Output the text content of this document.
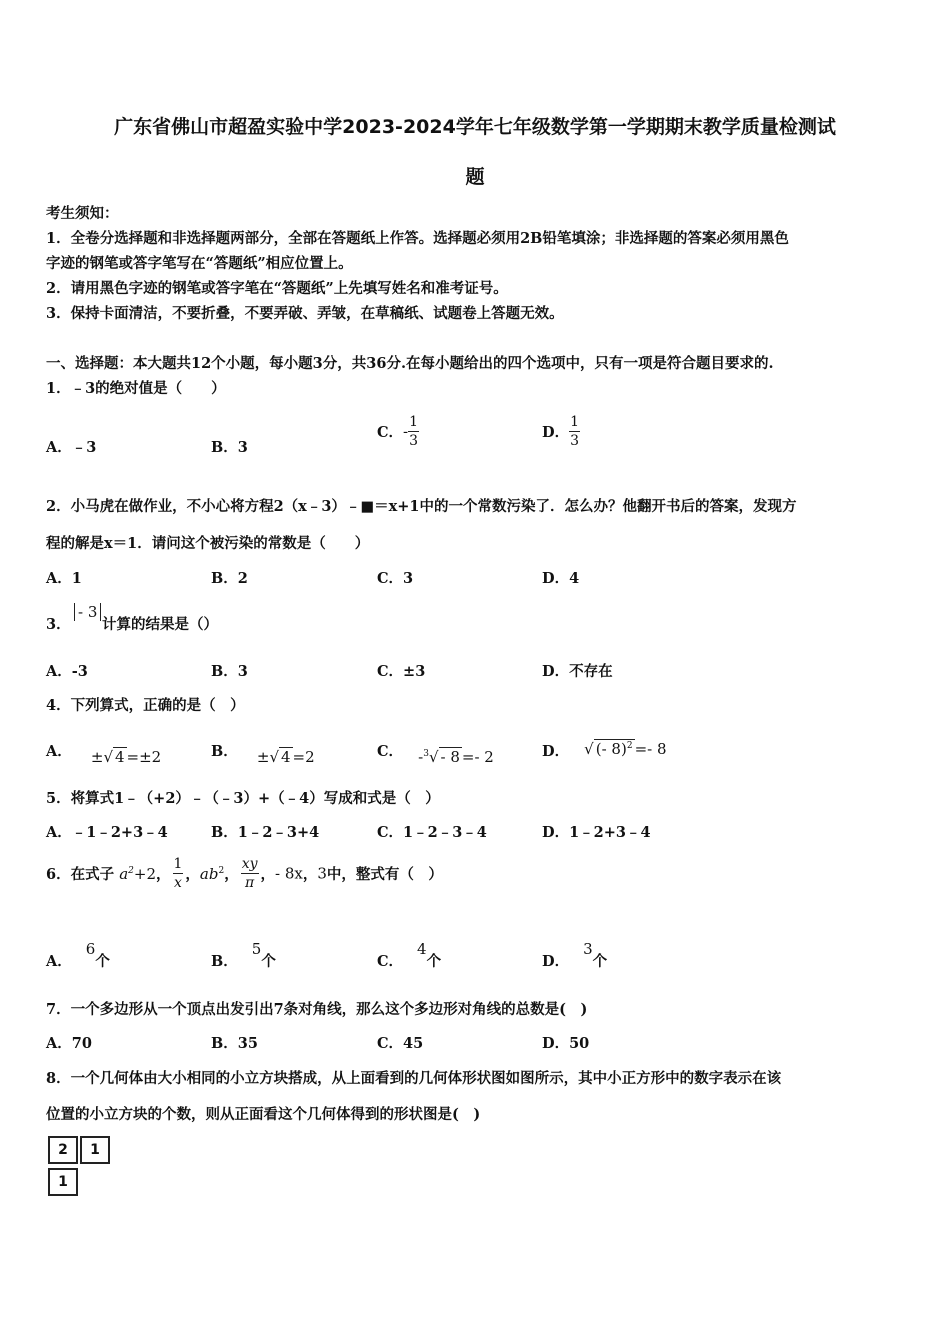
广东省佛山市超盈实验中学2023-2024学年七年级数学第一学期期末教学质量检测试
题
考生须知：
1．全卷分选择题和非选择题两部分，全部在答题纸上作答。选择题必须用2B铅笔填涂；非选择题的答案必须用黑色
字迹的钢笔或答字笔写在“答题纸”相应位置上。
2．请用黑色字迹的钢笔或答字笔在“答题纸”上先填写姓名和准考证号。
3．保持卡面清洁，不要折叠，不要弄破、弄皱，在草稿纸、试题卷上答题无效。
一、选择题：本大题共12个小题，每小题3分，共36分.在每小题给出的四个选项中，只有一项是符合题目要求的.
1．﹣3的绝对值是（　　）
A．﹣3	B．3
C．- $\frac{1}{3}$	D． $\frac{1}{3}$
2．小马虎在做作业，不小心将方程2（x﹣3）﹣■＝x+1中的一个常数污染了．怎么办？他翻开书后的答案，发现方
程的解是x＝1．请问这个被污染的常数是（　　）
A．1	B．2	C．3	D．4
3．
- 3
计算的结果是（）
A．-3	B．3	C．±3	D．不存在
4．下列算式，正确的是（　）
A． ±√ 4 =±2	B． ±√ 4 =2	C． -$^3$√ - 8 =- 2	D． √ (- 8)$^2$ =- 8
5．将算式1﹣（+2）﹣（﹣3）+（﹣4）写成和式是（　）
A．﹣1﹣2+3﹣4	B．1﹣2﹣3+4	C．1﹣2﹣3﹣4	D．1﹣2+3﹣4
6．在式子 $a^2+2$， $\frac{1}{x}$ ，$ab^2$， $\frac{xy}{\pi}$ ，- 8x，3中，整式有（　）
A．6个	B．5个	C．4个	D．3个
7．一个多边形从一个顶点出发引出7条对角线，那么这个多边形对角线的总数是(　)
A．70	B．35	C．45	D．50
8．一个几何体由大小相同的小立方块搭成，从上面看到的几何体形状图如图所示，其中小正方形中的数字表示在该
位置的小立方块的个数，则从正面看这个几何体得到的形状图是(　)
2	1
1
